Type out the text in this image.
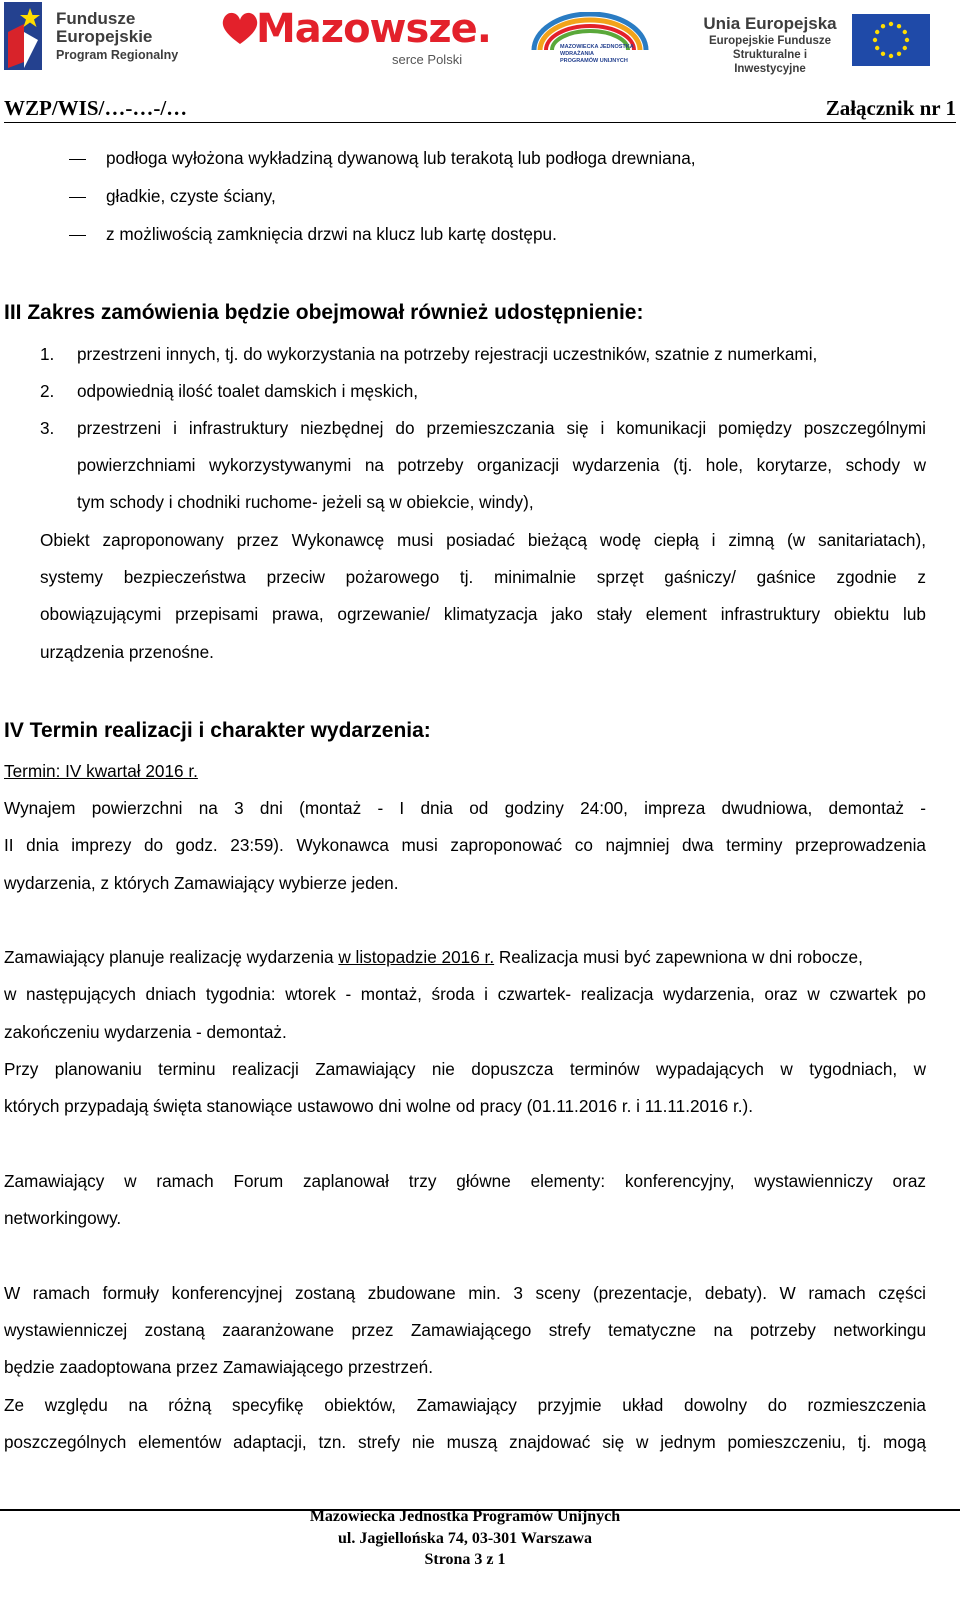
Fundusze
Europejskie
Program Regionalny
Mazowsze.
serce Polski
MAZOWIECKA JEDNOSTKA
WDRAŻANIA
PROGRAMÓW UNIJNYCH
Unia Europejska
Europejskie Fundusze
Strukturalne i Inwestycyjne
WZP/WIS/…-…-/…	Załącznik nr 1
podłoga wyłożona wykładziną dywanową lub terakotą lub podłoga drewniana,
gładkie, czyste ściany,
z możliwością zamknięcia drzwi na klucz lub kartę dostępu.
III Zakres zamówienia będzie obejmował również udostępnienie:
1. przestrzeni innych, tj. do wykorzystania na potrzeby rejestracji uczestników, szatnie z numerkami,
2. odpowiednią ilość toalet damskich i męskich,
3. przestrzeni i infrastruktury niezbędnej do przemieszczania się i komunikacji pomiędzy poszczególnymi
powierzchniami wykorzystywanymi na potrzeby organizacji wydarzenia (tj. hole, korytarze, schody w
tym schody i chodniki ruchome- jeżeli są w obiekcie, windy),
Obiekt zaproponowany przez Wykonawcę musi posiadać bieżącą wodę ciepłą i zimną (w sanitariatach),
systemy bezpieczeństwa przeciw pożarowego tj. minimalnie sprzęt gaśniczy/ gaśnice zgodnie z
obowiązującymi przepisami prawa, ogrzewanie/ klimatyzacja jako stały element infrastruktury obiektu lub
urządzenia przenośne.
IV Termin realizacji i charakter wydarzenia:
Termin: IV kwartał 2016 r.
Wynajem powierzchni na 3 dni (montaż - I dnia od godziny 24:00, impreza dwudniowa, demontaż -
II dnia imprezy do godz. 23:59). Wykonawca musi zaproponować co najmniej dwa terminy przeprowadzenia
wydarzenia, z których Zamawiający wybierze jeden.
Zamawiający planuje realizację wydarzenia w listopadzie 2016 r. Realizacja musi być zapewniona w dni robocze,
w następujących dniach tygodnia: wtorek - montaż, środa i czwartek- realizacja wydarzenia, oraz w czwartek po
zakończeniu wydarzenia - demontaż.
Przy planowaniu terminu realizacji Zamawiający nie dopuszcza terminów wypadających w tygodniach, w
których przypadają święta stanowiące ustawowo dni wolne od pracy (01.11.2016 r. i 11.11.2016 r.).
Zamawiający w ramach Forum zaplanował trzy główne elementy: konferencyjny, wystawienniczy oraz
networkingowy.
W ramach formuły konferencyjnej zostaną zbudowane min. 3 sceny (prezentacje, debaty). W ramach części
wystawienniczej zostaną zaaranżowane przez Zamawiającego strefy tematyczne na potrzeby networkingu
będzie zaadoptowana przez Zamawiającego przestrzeń.
Ze względu na różną specyfikę obiektów, Zamawiający przyjmie układ dowolny do rozmieszczenia
poszczególnych elementów adaptacji, tzn. strefy nie muszą znajdować się w jednym pomieszczeniu, tj. mogą
Mazowiecka Jednostka Programów Unijnych
ul. Jagiellońska 74, 03-301 Warszawa
Strona 3 z 1
